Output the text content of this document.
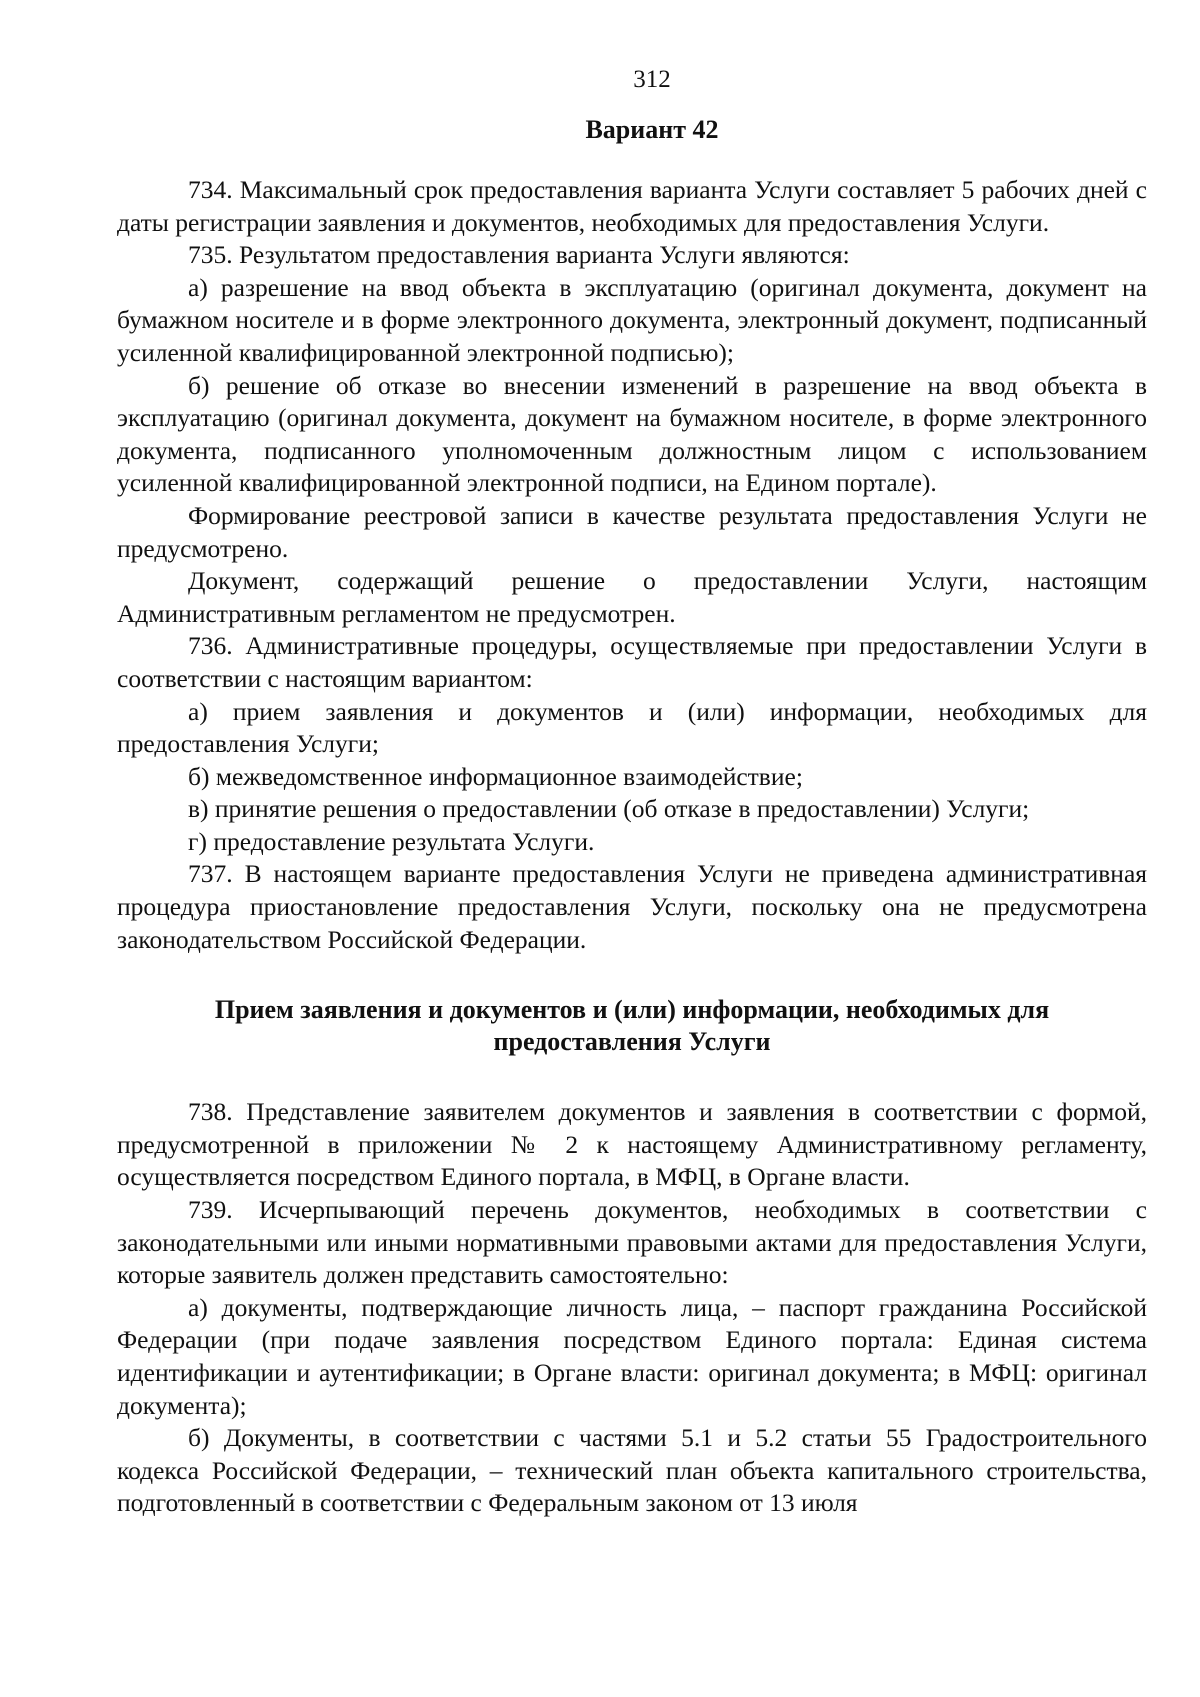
312
Вариант 42

734. Максимальный срок предоставления варианта Услуги составляет 5 рабочих дней с даты регистрации заявления и документов, необходимых для предоставления Услуги.

735. Результатом предоставления варианта Услуги являются:

а) разрешение на ввод объекта в эксплуатацию (оригинал документа, документ на бумажном носителе и в форме электронного документа, электронный документ, подписанный усиленной квалифицированной электронной подписью);

б) решение об отказе во внесении изменений в разрешение на ввод объекта в эксплуатацию (оригинал документа, документ на бумажном носителе, в форме электронного документа, подписанного уполномоченным должностным лицом с использованием усиленной квалифицированной электронной подписи, на Едином портале).

Формирование реестровой записи в качестве результата предоставления Услуги не предусмотрено.

Документ, содержащий решение о предоставлении Услуги, настоящим Административным регламентом не предусмотрен.

736. Административные процедуры, осуществляемые при предоставлении Услуги в соответствии с настоящим вариантом:

а) прием заявления и документов и (или) информации, необходимых для предоставления Услуги;

б) межведомственное информационное взаимодействие;

в) принятие решения о предоставлении (об отказе в предоставлении) Услуги;

г) предоставление результата Услуги.

737. В настоящем варианте предоставления Услуги не приведена административная процедура приостановление предоставления Услуги, поскольку она не предусмотрена законодательством Российской Федерации.

Прием заявления и документов и (или) информации, необходимых для предоставления Услуги

738. Представление заявителем документов и заявления в соответствии с формой, предусмотренной в приложении № 2 к настоящему Административному регламенту, осуществляется посредством Единого портала, в МФЦ, в Органе власти.

739. Исчерпывающий перечень документов, необходимых в соответствии с законодательными или иными нормативными правовыми актами для предоставления Услуги, которые заявитель должен представить самостоятельно:

а) документы, подтверждающие личность лица, – паспорт гражданина Российской Федерации (при подаче заявления посредством Единого портала: Единая система идентификации и аутентификации; в Органе власти: оригинал документа; в МФЦ: оригинал документа);

б) Документы, в соответствии с частями 5.1 и 5.2 статьи 55 Градостроительного кодекса Российской Федерации, – технический план объекта капитального строительства, подготовленный в соответствии с Федеральным законом от 13 июля
